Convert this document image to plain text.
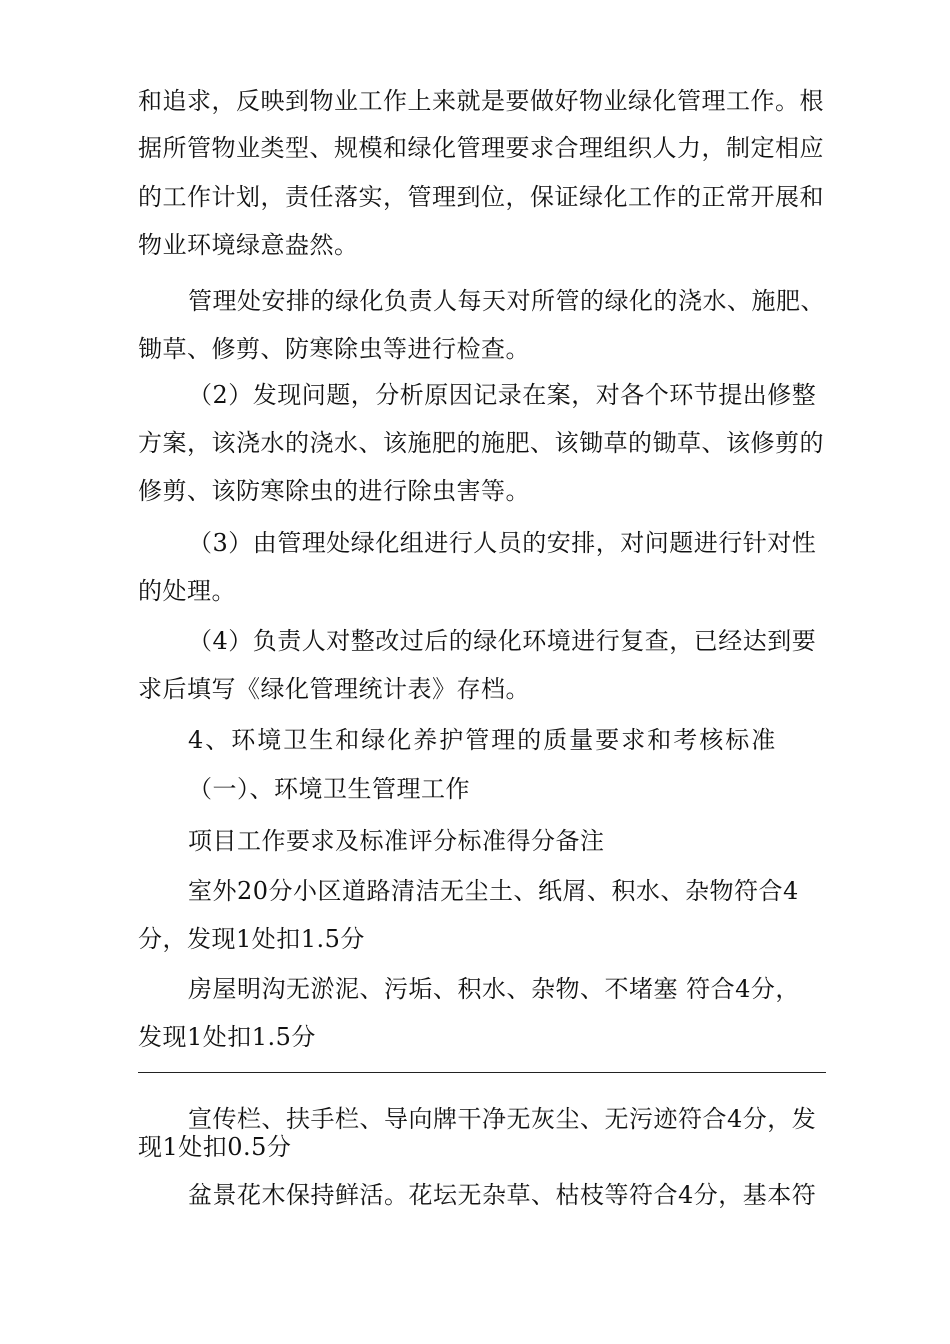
和追求，反映到物业工作上来就是要做好物业绿化管理工作。根
据所管物业类型、规模和绿化管理要求合理组织人力，制定相应
的工作计划，责任落实，管理到位，保证绿化工作的正常开展和
物业环境绿意盎然。
管理处安排的绿化负责人每天对所管的绿化的浇水、施肥、
锄草、修剪、防寒除虫等进行检查。
（2）发现问题，分析原因记录在案，对各个环节提出修整
方案，该浇水的浇水、该施肥的施肥、该锄草的锄草、该修剪的
修剪、该防寒除虫的进行除虫害等。
（3）由管理处绿化组进行人员的安排，对问题进行针对性
的处理。
（4）负责人对整改过后的绿化环境进行复查，已经达到要
求后填写《绿化管理统计表》存档。
4、环境卫生和绿化养护管理的质量要求和考核标准
（一）、环境卫生管理工作
项目工作要求及标准评分标准得分备注
室外20分小区道路清洁无尘土、纸屑、积水、杂物符合4
分，发现1处扣1.5分
房屋明沟无淤泥、污垢、积水、杂物、不堵塞 符合4分，
发现1处扣1.5分
宣传栏、扶手栏、导向牌干净无灰尘、无污迹符合4分，发
现1处扣0.5分
盆景花木保持鲜活。花坛无杂草、枯枝等符合4分，基本符
